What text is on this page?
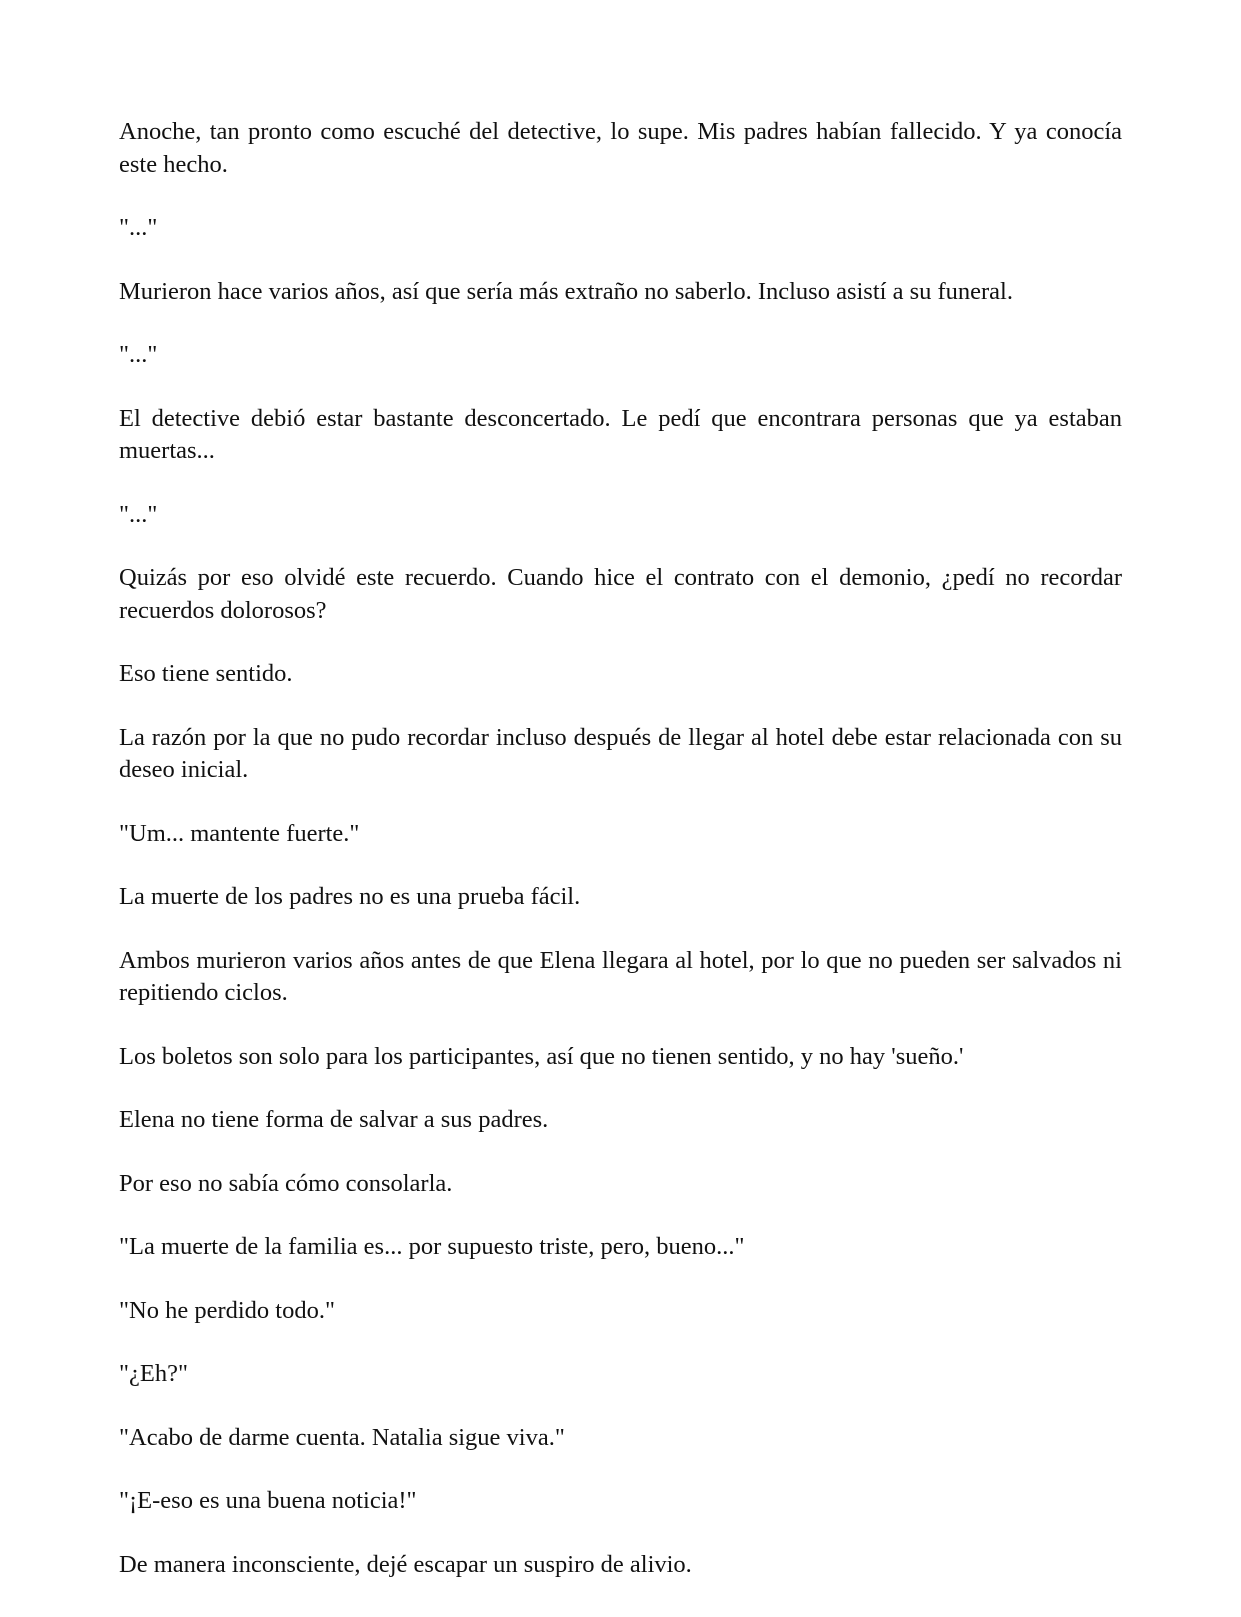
Anoche, tan pronto como escuché del detective, lo supe. Mis padres habían fallecido. Y ya conocía este hecho.

"..."

Murieron hace varios años, así que sería más extraño no saberlo. Incluso asistí a su funeral.

"..."

El detective debió estar bastante desconcertado. Le pedí que encontrara personas que ya estaban muertas...

"..."

Quizás por eso olvidé este recuerdo. Cuando hice el contrato con el demonio, ¿pedí no recordar recuerdos dolorosos?

Eso tiene sentido.

La razón por la que no pudo recordar incluso después de llegar al hotel debe estar relacionada con su deseo inicial.

"Um... mantente fuerte."

La muerte de los padres no es una prueba fácil.

Ambos murieron varios años antes de que Elena llegara al hotel, por lo que no pueden ser salvados ni repitiendo ciclos.

Los boletos son solo para los participantes, así que no tienen sentido, y no hay 'sueño.'

Elena no tiene forma de salvar a sus padres.

Por eso no sabía cómo consolarla.

"La muerte de la familia es... por supuesto triste, pero, bueno..."

"No he perdido todo."

"¿Eh?"

"Acabo de darme cuenta. Natalia sigue viva."

"¡E-eso es una buena noticia!"

De manera inconsciente, dejé escapar un suspiro de alivio.
